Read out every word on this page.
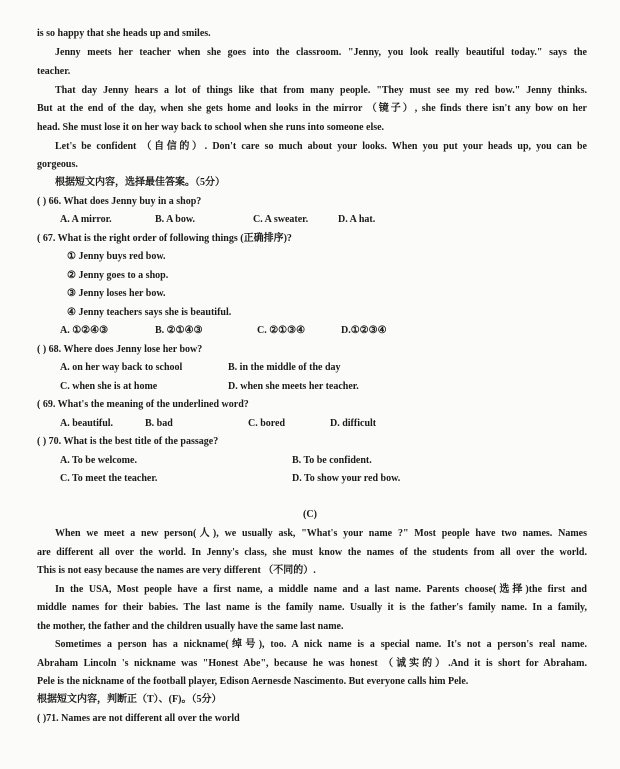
is so happy that she heads up and smiles.
Jenny meets her teacher when she goes into the classroom. "Jenny, you look really beautiful today." says the
teacher.
That day Jenny hears a lot of things like that from many people. "They must see my red bow." Jenny thinks.
But at the end of the day, when she gets home and looks in the mirror （镜子）, she finds there isn't any bow on her
head. She must lose it on her way back to school when she runs into someone else.
Let's be confident （自信的）. Don't care so much about your looks. When you put your heads up, you can be
gorgeous.
根据短文内容，选择最佳答案。（5分）
( ) 66. What does Jenny buy in a shop?
A. A mirror.	B. A bow.	C. A sweater.	D. A hat.
( 67. What is the right order of following things (正确排序)?
① Jenny buys red bow.
② Jenny goes to a shop.
③ Jenny loses her bow.
④ Jenny teachers says she is beautiful.
A. ①②④③	B. ②①④③	C. ②①③④	D.①②③④
( ) 68. Where does Jenny lose her bow?
A. on her way back to school	B. in the middle of the day
C. when she is at home	D. when she meets her teacher.
( 69. What's the meaning of the underlined word?
A. beautiful.	B. bad	C. bored	D. difficult
( ) 70. What is the best title of the passage?
A. To be welcome.	B. To be confident.
C. To meet the teacher.	D. To show your red bow.
(C)
When we meet a new person(人), we usually ask, "What's your name ?" Most people have two names. Names
are different all over the world. In Jenny's class, she must know the names of the students from all over the world.
This is not easy because the names are very different （不同的）.
In the USA, Most people have a first name, a middle name and a last name. Parents choose(选择)the first and
middle names for their babies. The last name is the family name. Usually it is the father's family name. In a family,
the mother, the father and the children usually have the same last name.
Sometimes a person has a nickname(绰号), too. A nick name is a special name. It's not a person's real name.
Abraham Lincoln 's nickname was "Honest Abe", because he was honest （诚实的）.And it is short for Abraham.
Pele is the nickname of the football player, Edison Aernesde Nascimento. But everyone calls him Pele.
根据短文内容，判断正（T）、(F)。（5分）
( )71. Names are not different all over the world
